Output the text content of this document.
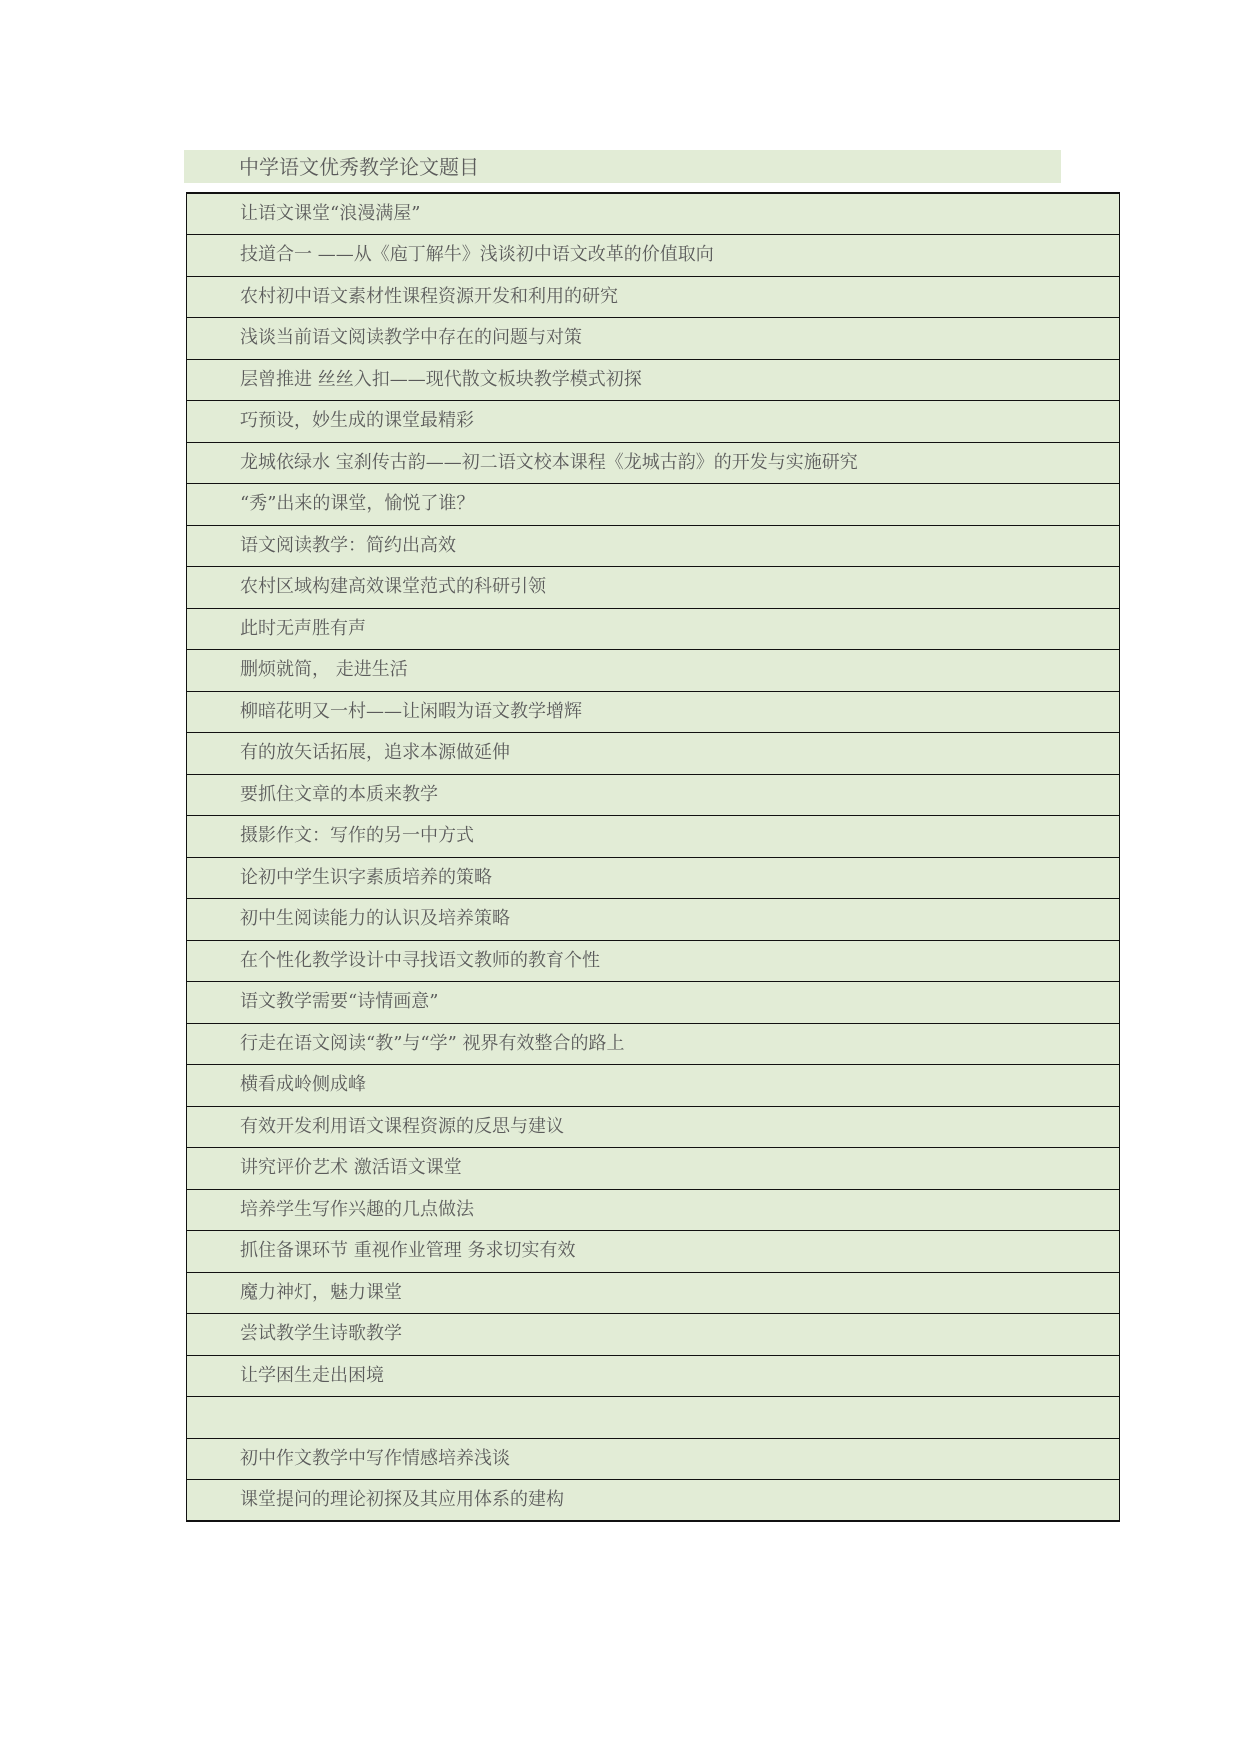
中学语文优秀教学论文题目
让语文课堂“浪漫满屋”
技道合一 ——从《庖丁解牛》浅谈初中语文改革的价值取向
农村初中语文素材性课程资源开发和利用的研究
浅谈当前语文阅读教学中存在的问题与对策
层曾推进 丝丝入扣——现代散文板块教学模式初探
巧预设，妙生成的课堂最精彩
龙城依绿水 宝刹传古韵——初二语文校本课程《龙城古韵》的开发与实施研究
“秀”出来的课堂，愉悦了谁？
语文阅读教学：简约出高效
农村区域构建高效课堂范式的科研引领
此时无声胜有声
删烦就简， 走进生活
柳暗花明又一村——让闲暇为语文教学增辉
有的放矢话拓展，追求本源做延伸
要抓住文章的本质来教学
摄影作文：写作的另一中方式
论初中学生识字素质培养的策略
初中生阅读能力的认识及培养策略
在个性化教学设计中寻找语文教师的教育个性
语文教学需要“诗情画意”
行走在语文阅读“教”与“学” 视界有效整合的路上
横看成岭侧成峰
有效开发利用语文课程资源的反思与建议
讲究评价艺术 激活语文课堂
培养学生写作兴趣的几点做法
抓住备课环节 重视作业管理 务求切实有效
魔力神灯，魅力课堂
尝试教学生诗歌教学
让学困生走出困境

初中作文教学中写作情感培养浅谈
课堂提问的理论初探及其应用体系的建构
